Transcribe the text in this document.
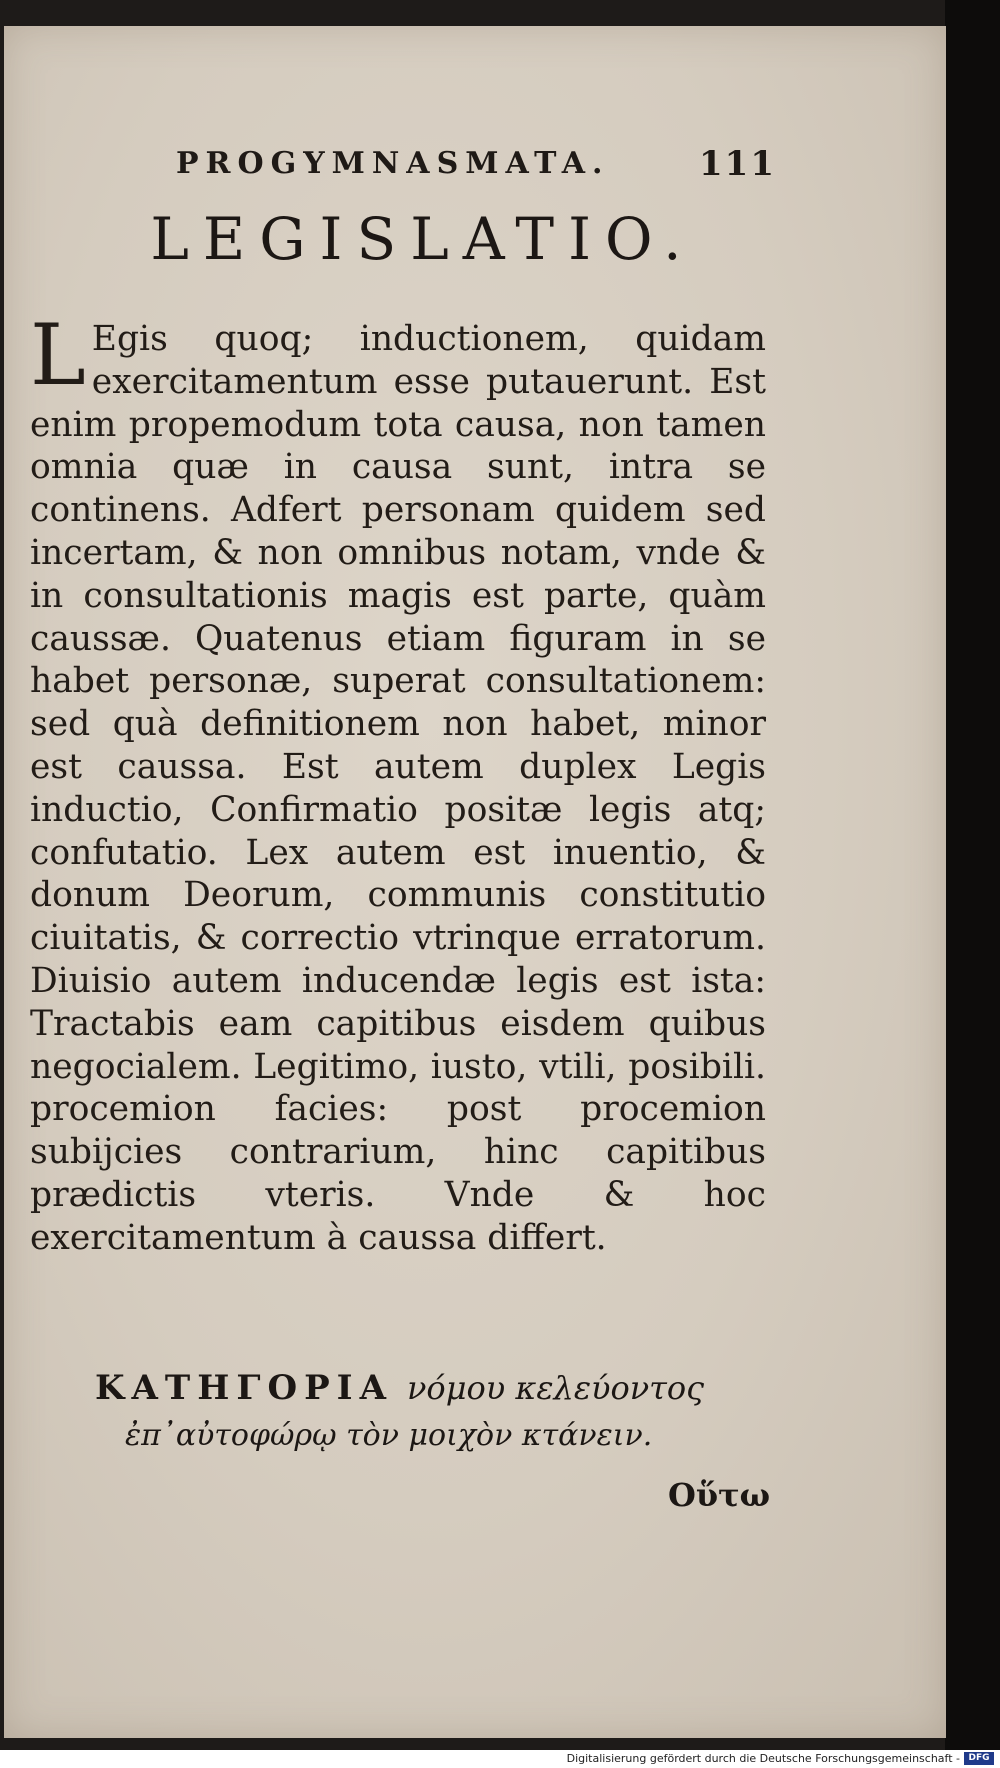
PROGYMNASMATA.	111
LEGISLATIO.

L Egis quoq; inductionem, quidam exercitamentum esse putauerunt. Est enim propemodum tota causa, non tamen omnia quæ in causa sunt, intra se continens. Adfert personam quidem sed incertam, & non omnibus notam, vnde & in consultationis magis est parte, quàm caussæ. Quatenus etiam figuram in se habet personæ, superat consultationem: sed quà definitionem non habet, minor est caussa. Est autem duplex Legis inductio, Confirmatio positæ legis atq; confutatio. Lex autem est inuentio, & donum Deorum, communis constitutio ciuitatis, & correctio vtrinque erratorum. Diuisio autem inducendæ legis est ista: Tractabis eam capitibus eisdem quibus negocialem. Legitimo, iusto, vtili, posibili. procemion facies: post procemion subijcies contrarium, hinc capitibus prædictis vteris. Vnde & hoc exercitamentum à caussa differt.

ΚΑΤΗΓΟΡΙΑ νόμου κελεύοντος
ἐπ᾽αὐτοφώρῳ τὸν μοιχὸν κτάνειν.
Οὕτω
Digitalisierung gefördert durch die Deutsche Forschungsgemeinschaft - DFG
